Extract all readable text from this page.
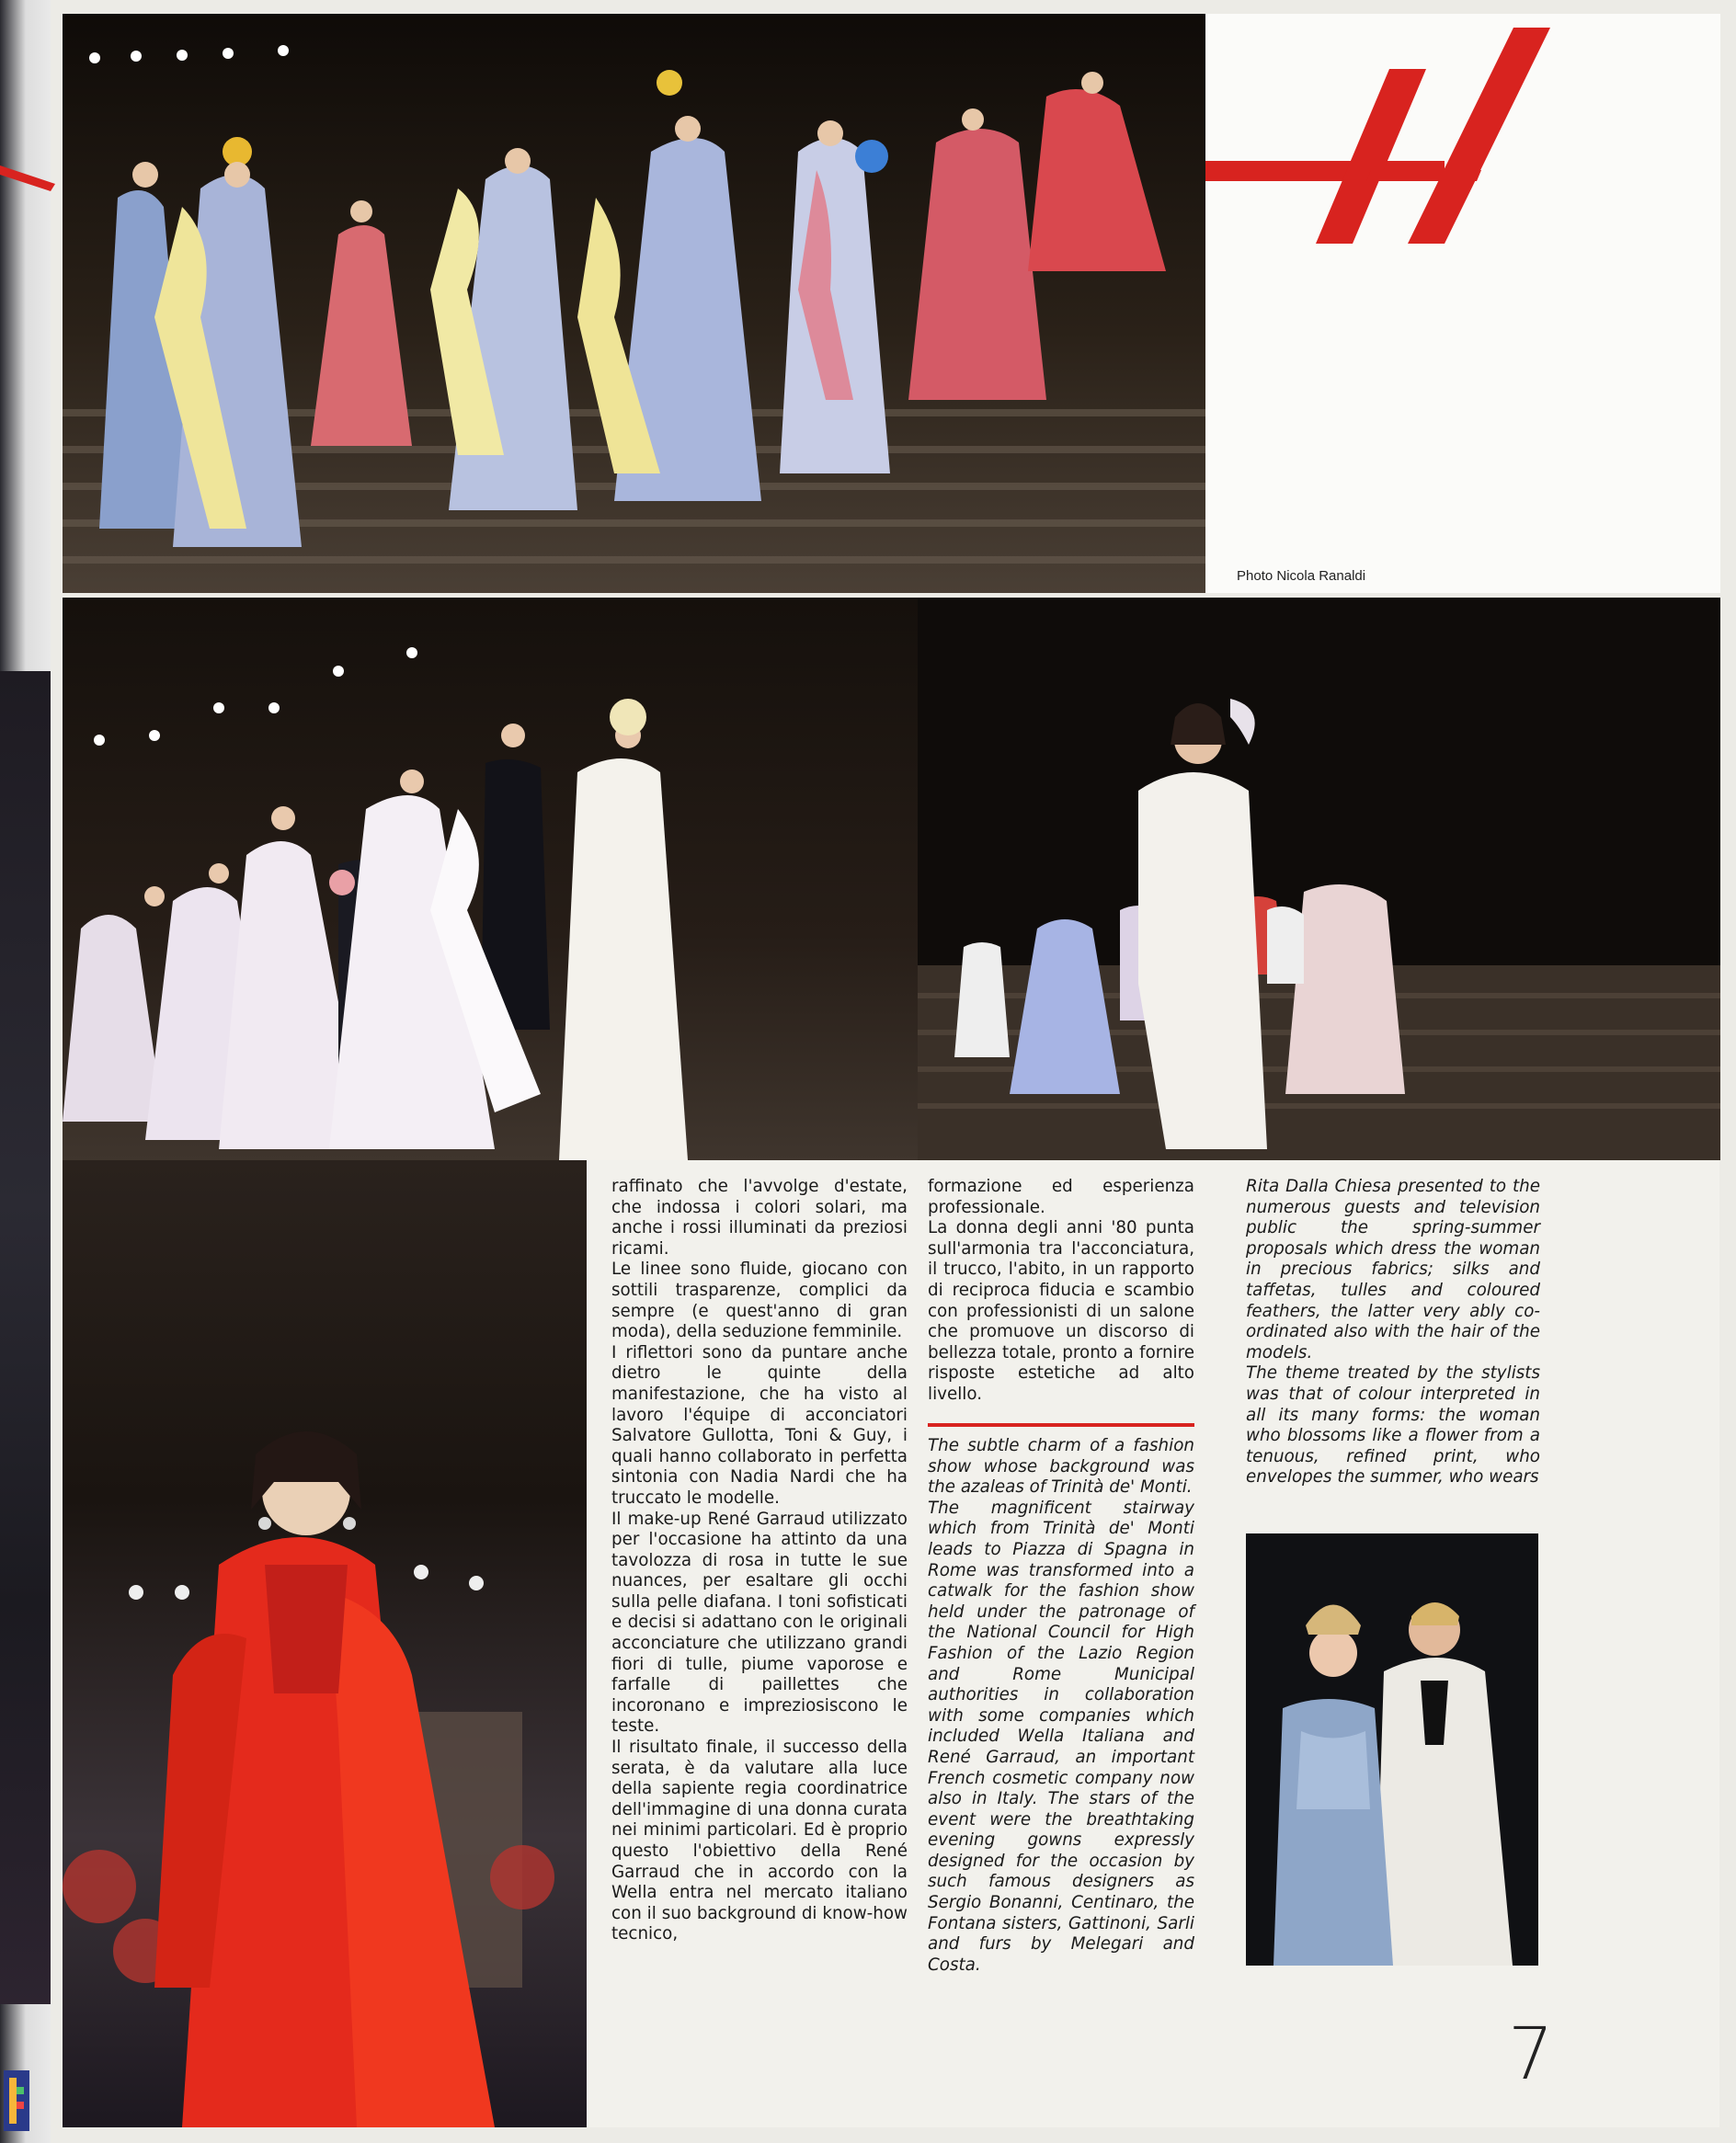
Photo Nicola Ranaldi

raffinato che l'avvolge d'estate, che indossa i colori solari, ma anche i rossi illuminati da preziosi ricami.

Le linee sono fluide, giocano con sottili trasparenze, complici da sempre (e quest'anno di gran moda), della seduzione femminile.

I riflettori sono da puntare anche dietro le quinte della manifestazione, che ha visto al lavoro l'équipe di acconciatori Salvatore Gullotta, Toni & Guy, i quali hanno collaborato in perfetta sintonia con Nadia Nardi che ha truccato le modelle.

Il make-up René Garraud utilizzato per l'occasione ha attinto da una tavolozza di rosa in tutte le sue nuances, per esaltare gli occhi sulla pelle diafana. I toni sofisticati e decisi si adattano con le originali acconciature che utilizzano grandi fiori di tulle, piume vaporose e farfalle di paillettes che incoronano e impreziosiscono le teste.

Il risultato finale, il successo della serata, è da valutare alla luce della sapiente regia coordinatrice dell'immagine di una donna curata nei minimi particolari. Ed è proprio questo l'obiettivo della René Garraud che in accordo con la Wella entra nel mercato italiano con il suo background di know-how tecnico,

formazione ed esperienza professionale.

La donna degli anni '80 punta sull'armonia tra l'acconciatura, il trucco, l'abito, in un rapporto di reciproca fiducia e scambio con professionisti di un salone che promuove un discorso di bellezza totale, pronto a fornire risposte estetiche ad alto livello.

The subtle charm of a fashion show whose background was the azaleas of Trinità de' Monti.

The magnificent stairway which from Trinità de' Monti leads to Piazza di Spagna in Rome was transformed into a catwalk for the fashion show held under the patronage of the National Council for High Fashion of the Lazio Region and Rome Municipal authorities in collaboration with some companies which included Wella Italiana and René Garraud, an important French cosmetic company now also in Italy. The stars of the event were the breathtaking evening gowns expressly designed for the occasion by such famous designers as Sergio Bonanni, Centinaro, the Fontana sisters, Gattinoni, Sarli and furs by Melegari and Costa.

Rita Dalla Chiesa presented to the numerous guests and television public the spring-summer proposals which dress the woman in precious fabrics; silks and taffetas, tulles and coloured feathers, the latter very ably co-ordinated also with the hair of the models.

The theme treated by the stylists was that of colour interpreted in all its many forms: the woman who blossoms like a flower from a tenuous, refined print, who envelopes the summer, who wears

7
